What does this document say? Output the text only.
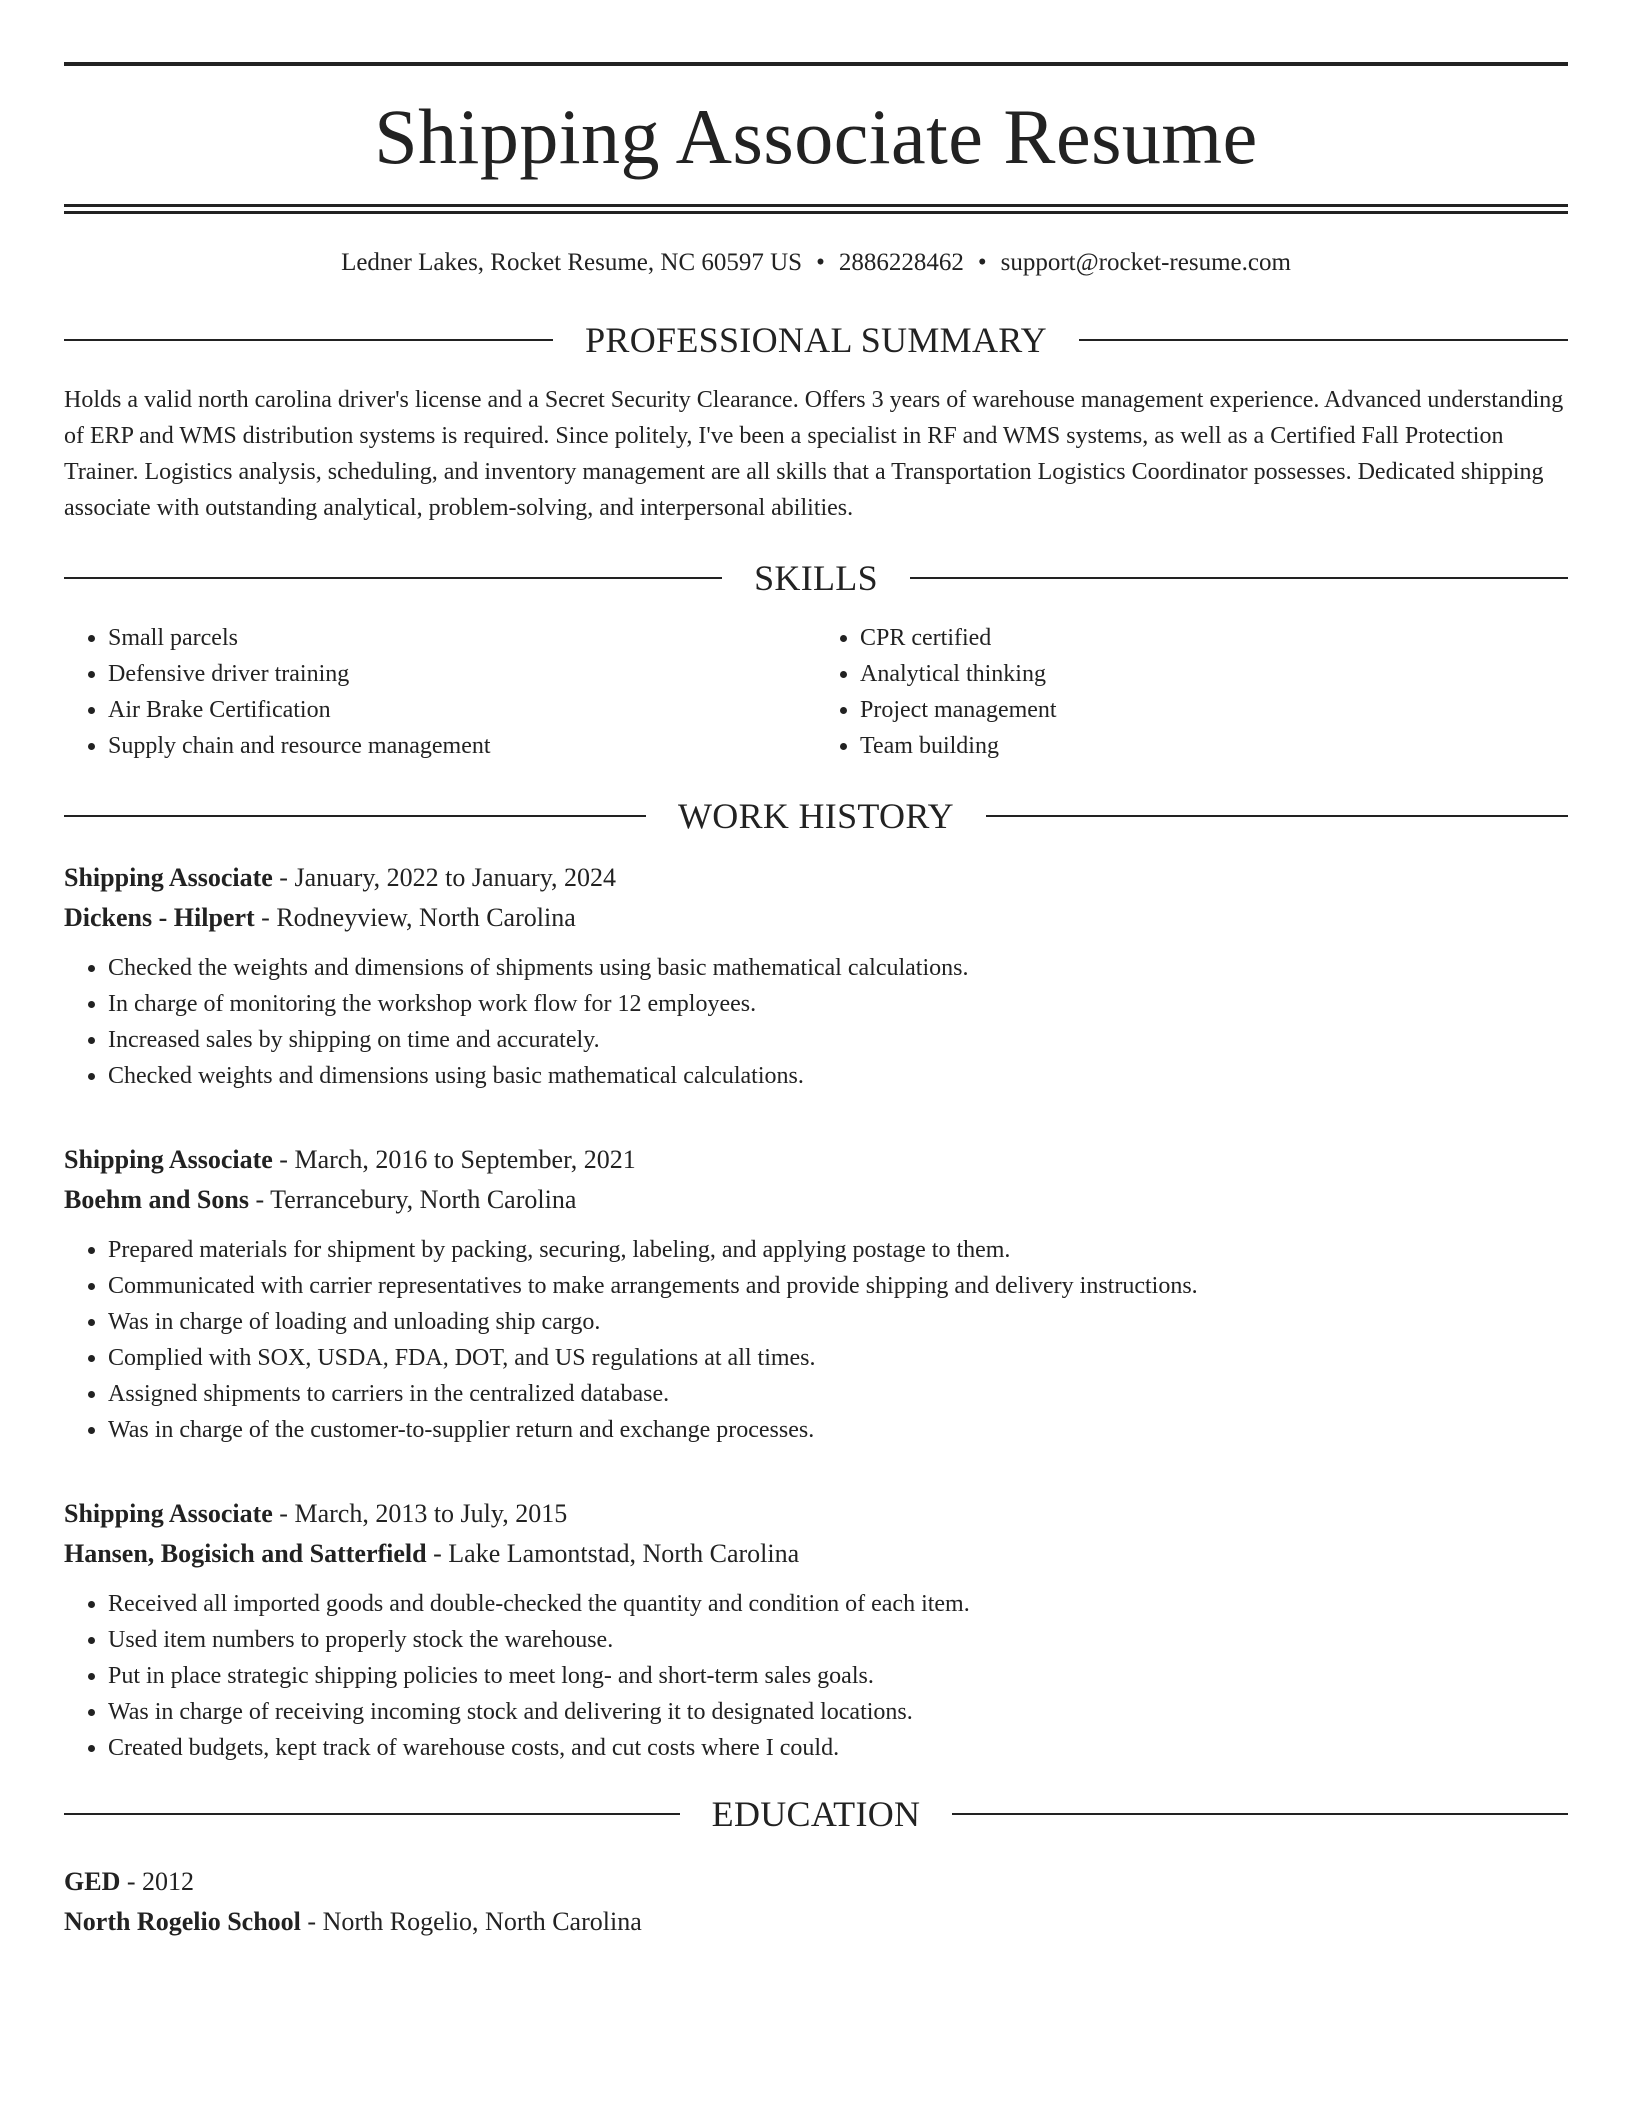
Shipping Associate Resume
Ledner Lakes, Rocket Resume, NC 60597 US • 2886228462 • support@rocket-resume.com
PROFESSIONAL SUMMARY
Holds a valid north carolina driver's license and a Secret Security Clearance. Offers 3 years of warehouse management experience. Advanced understanding of ERP and WMS distribution systems is required. Since politely, I've been a specialist in RF and WMS systems, as well as a Certified Fall Protection Trainer. Logistics analysis, scheduling, and inventory management are all skills that a Transportation Logistics Coordinator possesses. Dedicated shipping associate with outstanding analytical, problem-solving, and interpersonal abilities.
SKILLS
• Small parcels
• Defensive driver training
• Air Brake Certification
• Supply chain and resource management
• CPR certified
• Analytical thinking
• Project management
• Team building
WORK HISTORY
Shipping Associate - January, 2022 to January, 2024
Dickens - Hilpert - Rodneyview, North Carolina
• Checked the weights and dimensions of shipments using basic mathematical calculations.
• In charge of monitoring the workshop work flow for 12 employees.
• Increased sales by shipping on time and accurately.
• Checked weights and dimensions using basic mathematical calculations.
Shipping Associate - March, 2016 to September, 2021
Boehm and Sons - Terrancebury, North Carolina
• Prepared materials for shipment by packing, securing, labeling, and applying postage to them.
• Communicated with carrier representatives to make arrangements and provide shipping and delivery instructions.
• Was in charge of loading and unloading ship cargo.
• Complied with SOX, USDA, FDA, DOT, and US regulations at all times.
• Assigned shipments to carriers in the centralized database.
• Was in charge of the customer-to-supplier return and exchange processes.
Shipping Associate - March, 2013 to July, 2015
Hansen, Bogisich and Satterfield - Lake Lamontstad, North Carolina
• Received all imported goods and double-checked the quantity and condition of each item.
• Used item numbers to properly stock the warehouse.
• Put in place strategic shipping policies to meet long- and short-term sales goals.
• Was in charge of receiving incoming stock and delivering it to designated locations.
• Created budgets, kept track of warehouse costs, and cut costs where I could.
EDUCATION
GED - 2012
North Rogelio School - North Rogelio, North Carolina
